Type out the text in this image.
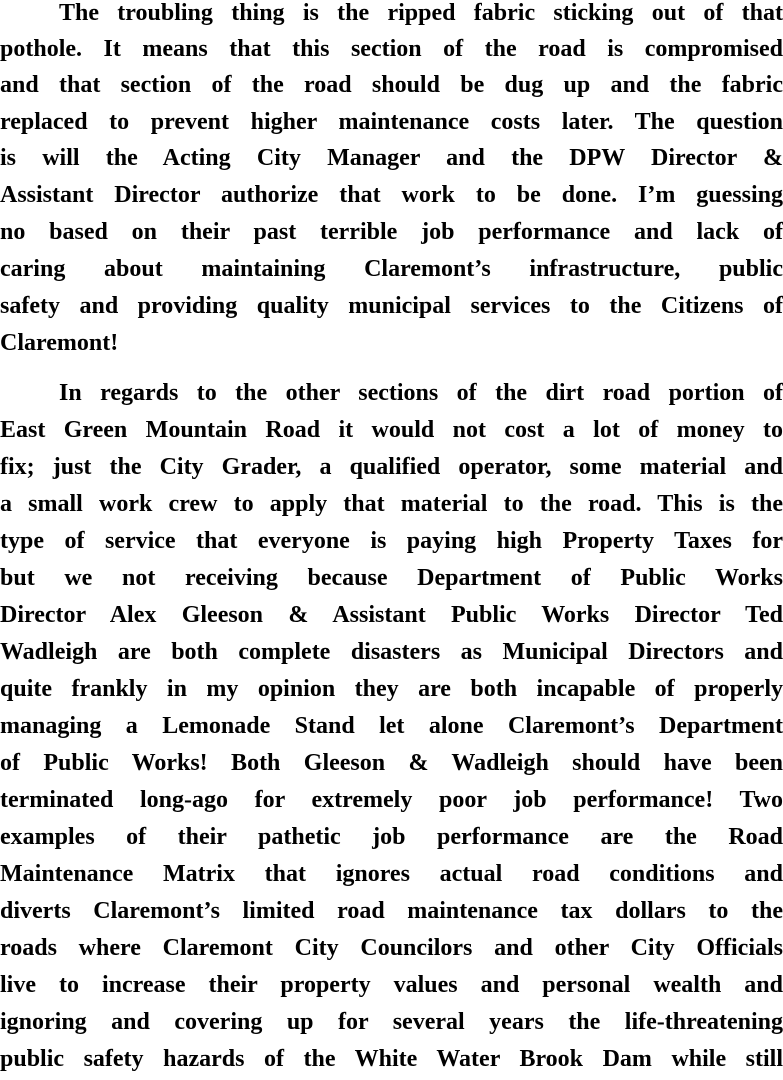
The troubling thing is the ripped fabric sticking out of that
pothole. It means that this section of the road is compromised
and that section of the road should be dug up and the fabric
replaced to prevent higher maintenance costs later. The question
is will the Acting City Manager and the DPW Director &
Assistant Director authorize that work to be done. I’m guessing
no based on their past terrible job performance and lack of
caring about maintaining Claremont’s infrastructure, public
safety and providing quality municipal services to the Citizens of
Claremont!
In regards to the other sections of the dirt road portion of
East Green Mountain Road it would not cost a lot of money to
fix; just the City Grader, a qualified operator, some material and
a small work crew to apply that material to the road. This is the
type of service that everyone is paying high Property Taxes for
but we not receiving because Department of Public Works
Director Alex Gleeson & Assistant Public Works Director Ted
Wadleigh are both complete disasters as Municipal Directors and
quite frankly in my opinion they are both incapable of properly
managing a Lemonade Stand let alone Claremont’s Department
of Public Works! Both Gleeson & Wadleigh should have been
terminated long-ago for extremely poor job performance! Two
examples of their pathetic job performance are the Road
Maintenance Matrix that ignores actual road conditions and
diverts Claremont’s limited road maintenance tax dollars to the
roads where Claremont City Councilors and other City Officials
live to increase their property values and personal wealth and
ignoring and covering up for several years the life-threatening
public safety hazards of the White Water Brook Dam while still
